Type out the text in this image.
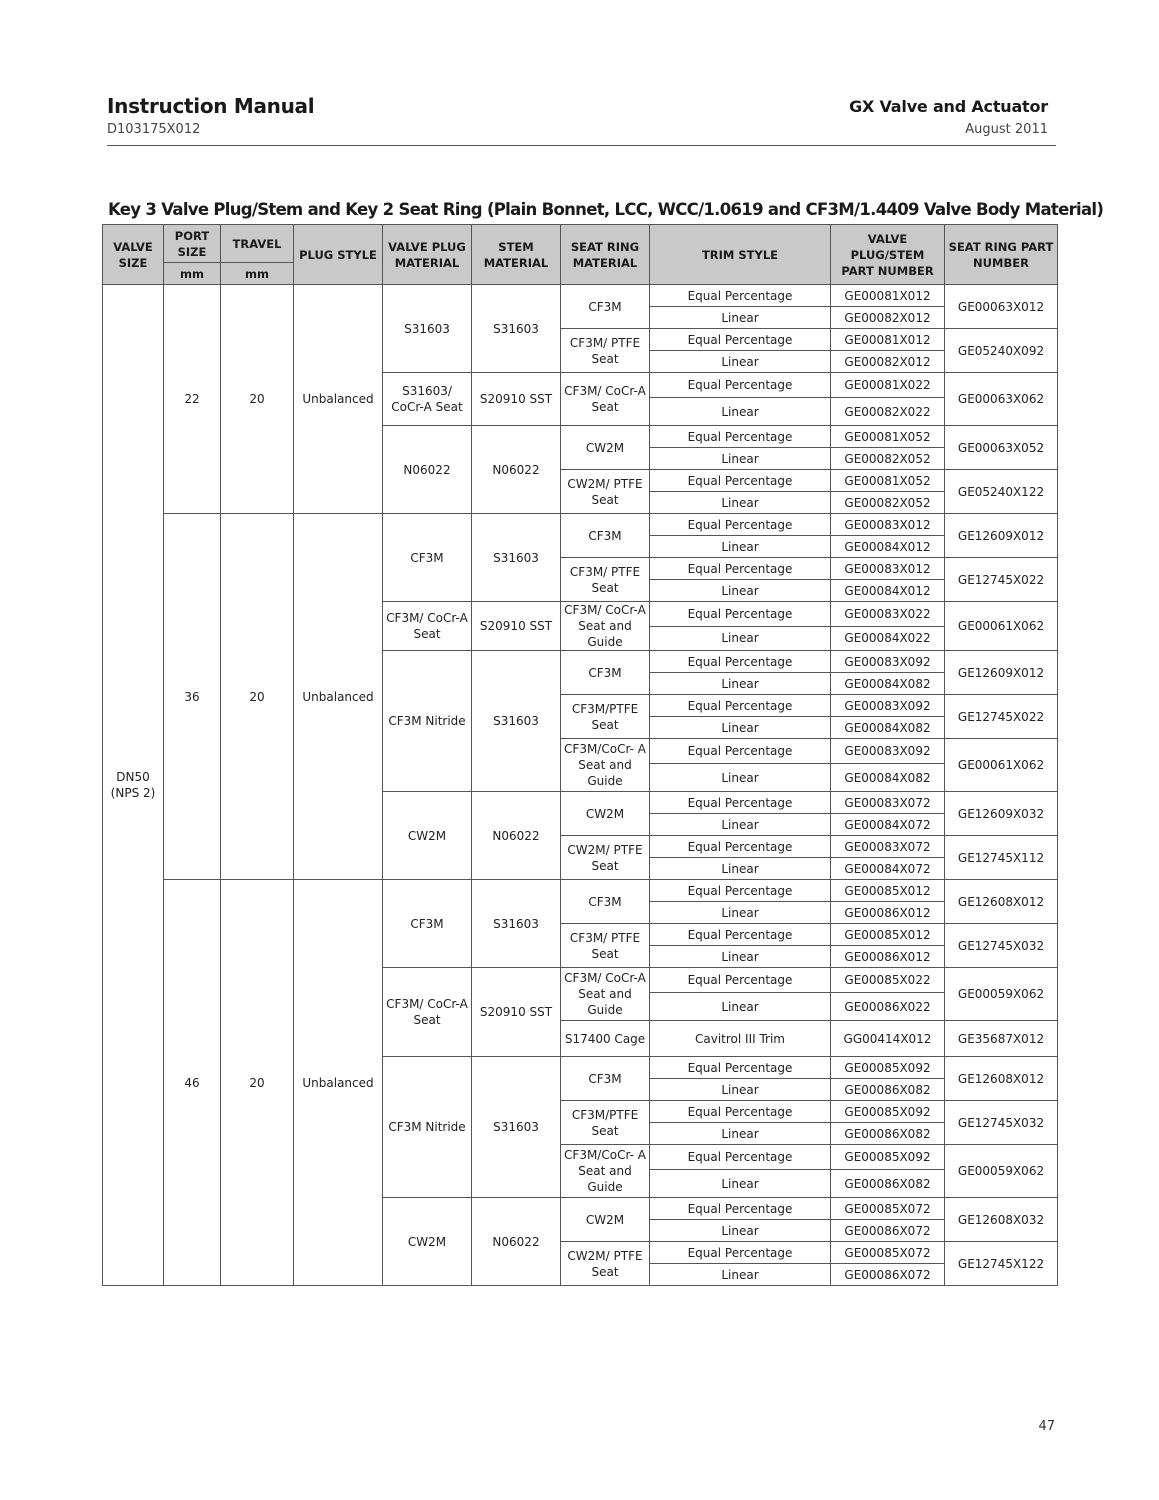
Instruction Manual
D103175X012
GX Valve and Actuator
August 2011
Key 3 Valve Plug/Stem and Key 2 Seat Ring (Plain Bonnet, LCC, WCC/1.0619 and CF3M/1.4409 Valve Body Material)
VALVE SIZE	PORT SIZE	TRAVEL	PLUG STYLE	VALVE PLUG MATERIAL	STEM MATERIAL	SEAT RING MATERIAL	TRIM STYLE	VALVE PLUG/STEM PART NUMBER	SEAT RING PART NUMBER
	mm	mm							
DN50 (NPS 2)	22	20	Unbalanced	S31603	S31603	CF3M	Equal Percentage	GE00081X012	GE00063X012
							Linear	GE00082X012	
						CF3M/ PTFE Seat	Equal Percentage	GE00081X012	GE05240X092
							Linear	GE00082X012	
				S31603/ CoCr-A Seat	S20910 SST	CF3M/ CoCr-A Seat	Equal Percentage	GE00081X022	GE00063X062
							Linear	GE00082X022	
				N06022	N06022	CW2M	Equal Percentage	GE00081X052	GE00063X052
							Linear	GE00082X052	
						CW2M/ PTFE Seat	Equal Percentage	GE00081X052	GE05240X122
							Linear	GE00082X052	
	36	20	Unbalanced	CF3M	S31603	CF3M	Equal Percentage	GE00083X012	GE12609X012
							Linear	GE00084X012	
						CF3M/ PTFE Seat	Equal Percentage	GE00083X012	GE12745X022
							Linear	GE00084X012	
				CF3M/ CoCr-A Seat	S20910 SST	CF3M/ CoCr-A Seat and Guide	Equal Percentage	GE00083X022	GE00061X062
							Linear	GE00084X022	
				CF3M Nitride	S31603	CF3M	Equal Percentage	GE00083X092	GE12609X012
							Linear	GE00084X082	
						CF3M/PTFE Seat	Equal Percentage	GE00083X092	GE12745X022
							Linear	GE00084X082	
						CF3M/CoCr- A Seat and Guide	Equal Percentage	GE00083X092	GE00061X062
							Linear	GE00084X082	
				CW2M	N06022	CW2M	Equal Percentage	GE00083X072	GE12609X032
							Linear	GE00084X072	
						CW2M/ PTFE Seat	Equal Percentage	GE00083X072	GE12745X112
							Linear	GE00084X072	
	46	20	Unbalanced	CF3M	S31603	CF3M	Equal Percentage	GE00085X012	GE12608X012
							Linear	GE00086X012	
						CF3M/ PTFE Seat	Equal Percentage	GE00085X012	GE12745X032
							Linear	GE00086X012	
				CF3M/ CoCr-A Seat	S20910 SST	CF3M/ CoCr-A Seat and Guide	Equal Percentage	GE00085X022	GE00059X062
							Linear	GE00086X022	
						S17400 Cage	Cavitrol III Trim	GG00414X012	GE35687X012
				CF3M Nitride	S31603	CF3M	Equal Percentage	GE00085X092	GE12608X012
							Linear	GE00086X082	
						CF3M/PTFE Seat	Equal Percentage	GE00085X092	GE12745X032
							Linear	GE00086X082	
						CF3M/CoCr- A Seat and Guide	Equal Percentage	GE00085X092	GE00059X062
							Linear	GE00086X082	
				CW2M	N06022	CW2M	Equal Percentage	GE00085X072	GE12608X032
							Linear	GE00086X072	
						CW2M/ PTFE Seat	Equal Percentage	GE00085X072	GE12745X122
							Linear	GE00086X072	
47
